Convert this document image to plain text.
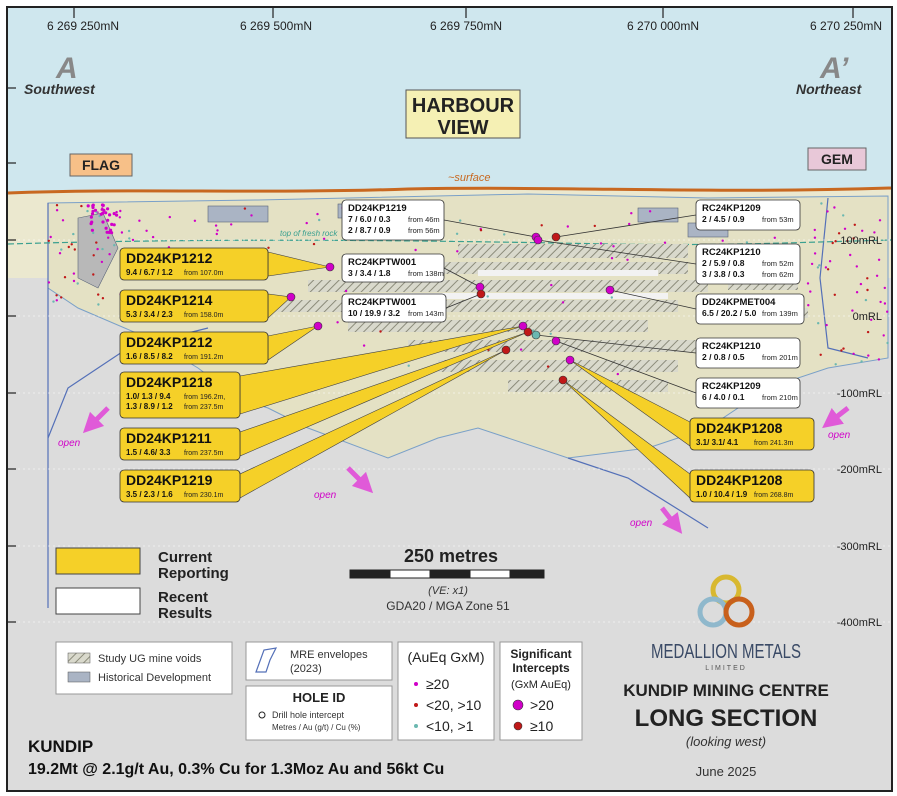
6 269 250mN	6 269 500mN	6 269 750mN	6 270 000mN	6 270 250mN
A
Southwest
A’
Northeast
HARBOUR
VIEW
FLAG	GEM
~surface
top of fresh rock
100mRL
0mRL
-100mRL
-200mRL
-300mRL
-400mRL
open
open
open
open
DD24KP1212
9.4 / 6.7 / 1.2 from 107.0m
DD24KP1214
5.3 / 3.4 / 2.3 from 158.0m
DD24KP1212
1.6 / 8.5 / 8.2 from 191.2m
DD24KP1218
1.0/ 1.3 / 9.4 from 196.2m,
1.3 / 8.9 / 1.2 from 237.5m
DD24KP1211
1.5 / 4.6/ 3.3 from 237.5m
DD24KP1219
3.5 / 2.3 / 1.6 from 230.1m
DD24KP1208
3.1/ 3.1/ 4.1 from 241.3m
DD24KP1208
1.0 / 10.4 / 1.9 from 268.8m
DD24KP1219
7 / 6.0 / 0.3 from 46m
2 / 8.7 / 0.9 from 56m
RC24KPTW001
3 / 3.4 / 1.8 from 138m
RC24KPTW001
10 / 19.9 / 3.2 from 143m
RC24KP1209
2 / 4.5 / 0.9 from 53m
RC24KP1210
2 / 5.9 / 0.8 from 52m
3 / 3.8 / 0.3 from 62m
DD24KPMET004
6.5 / 20.2 / 5.0 from 139m
RC24KP1210
2 / 0.8 / 0.5 from 201m
RC24KP1209
6 / 4.0 / 0.1 from 210m
Current
Reporting
Recent
Results
250 metres
(VE: x1)
GDA20 / MGA Zone 51
Study UG mine voids
Historical Development
MRE envelopes
(2023)
HOLE ID
Drill hole intercept
Metres / Au (g/t) / Cu (%)
(AuEq GxM)
≥20
<20, >10
<10, >1
Significant
Intercepts
(GxM AuEq)
>20
≥10
MEDALLION METALS
LIMITED
KUNDIP MINING CENTRE
LONG SECTION
(looking west)
June 2025
KUNDIP
19.2Mt @ 2.1g/t Au, 0.3% Cu for 1.3Moz Au and 56kt Cu
